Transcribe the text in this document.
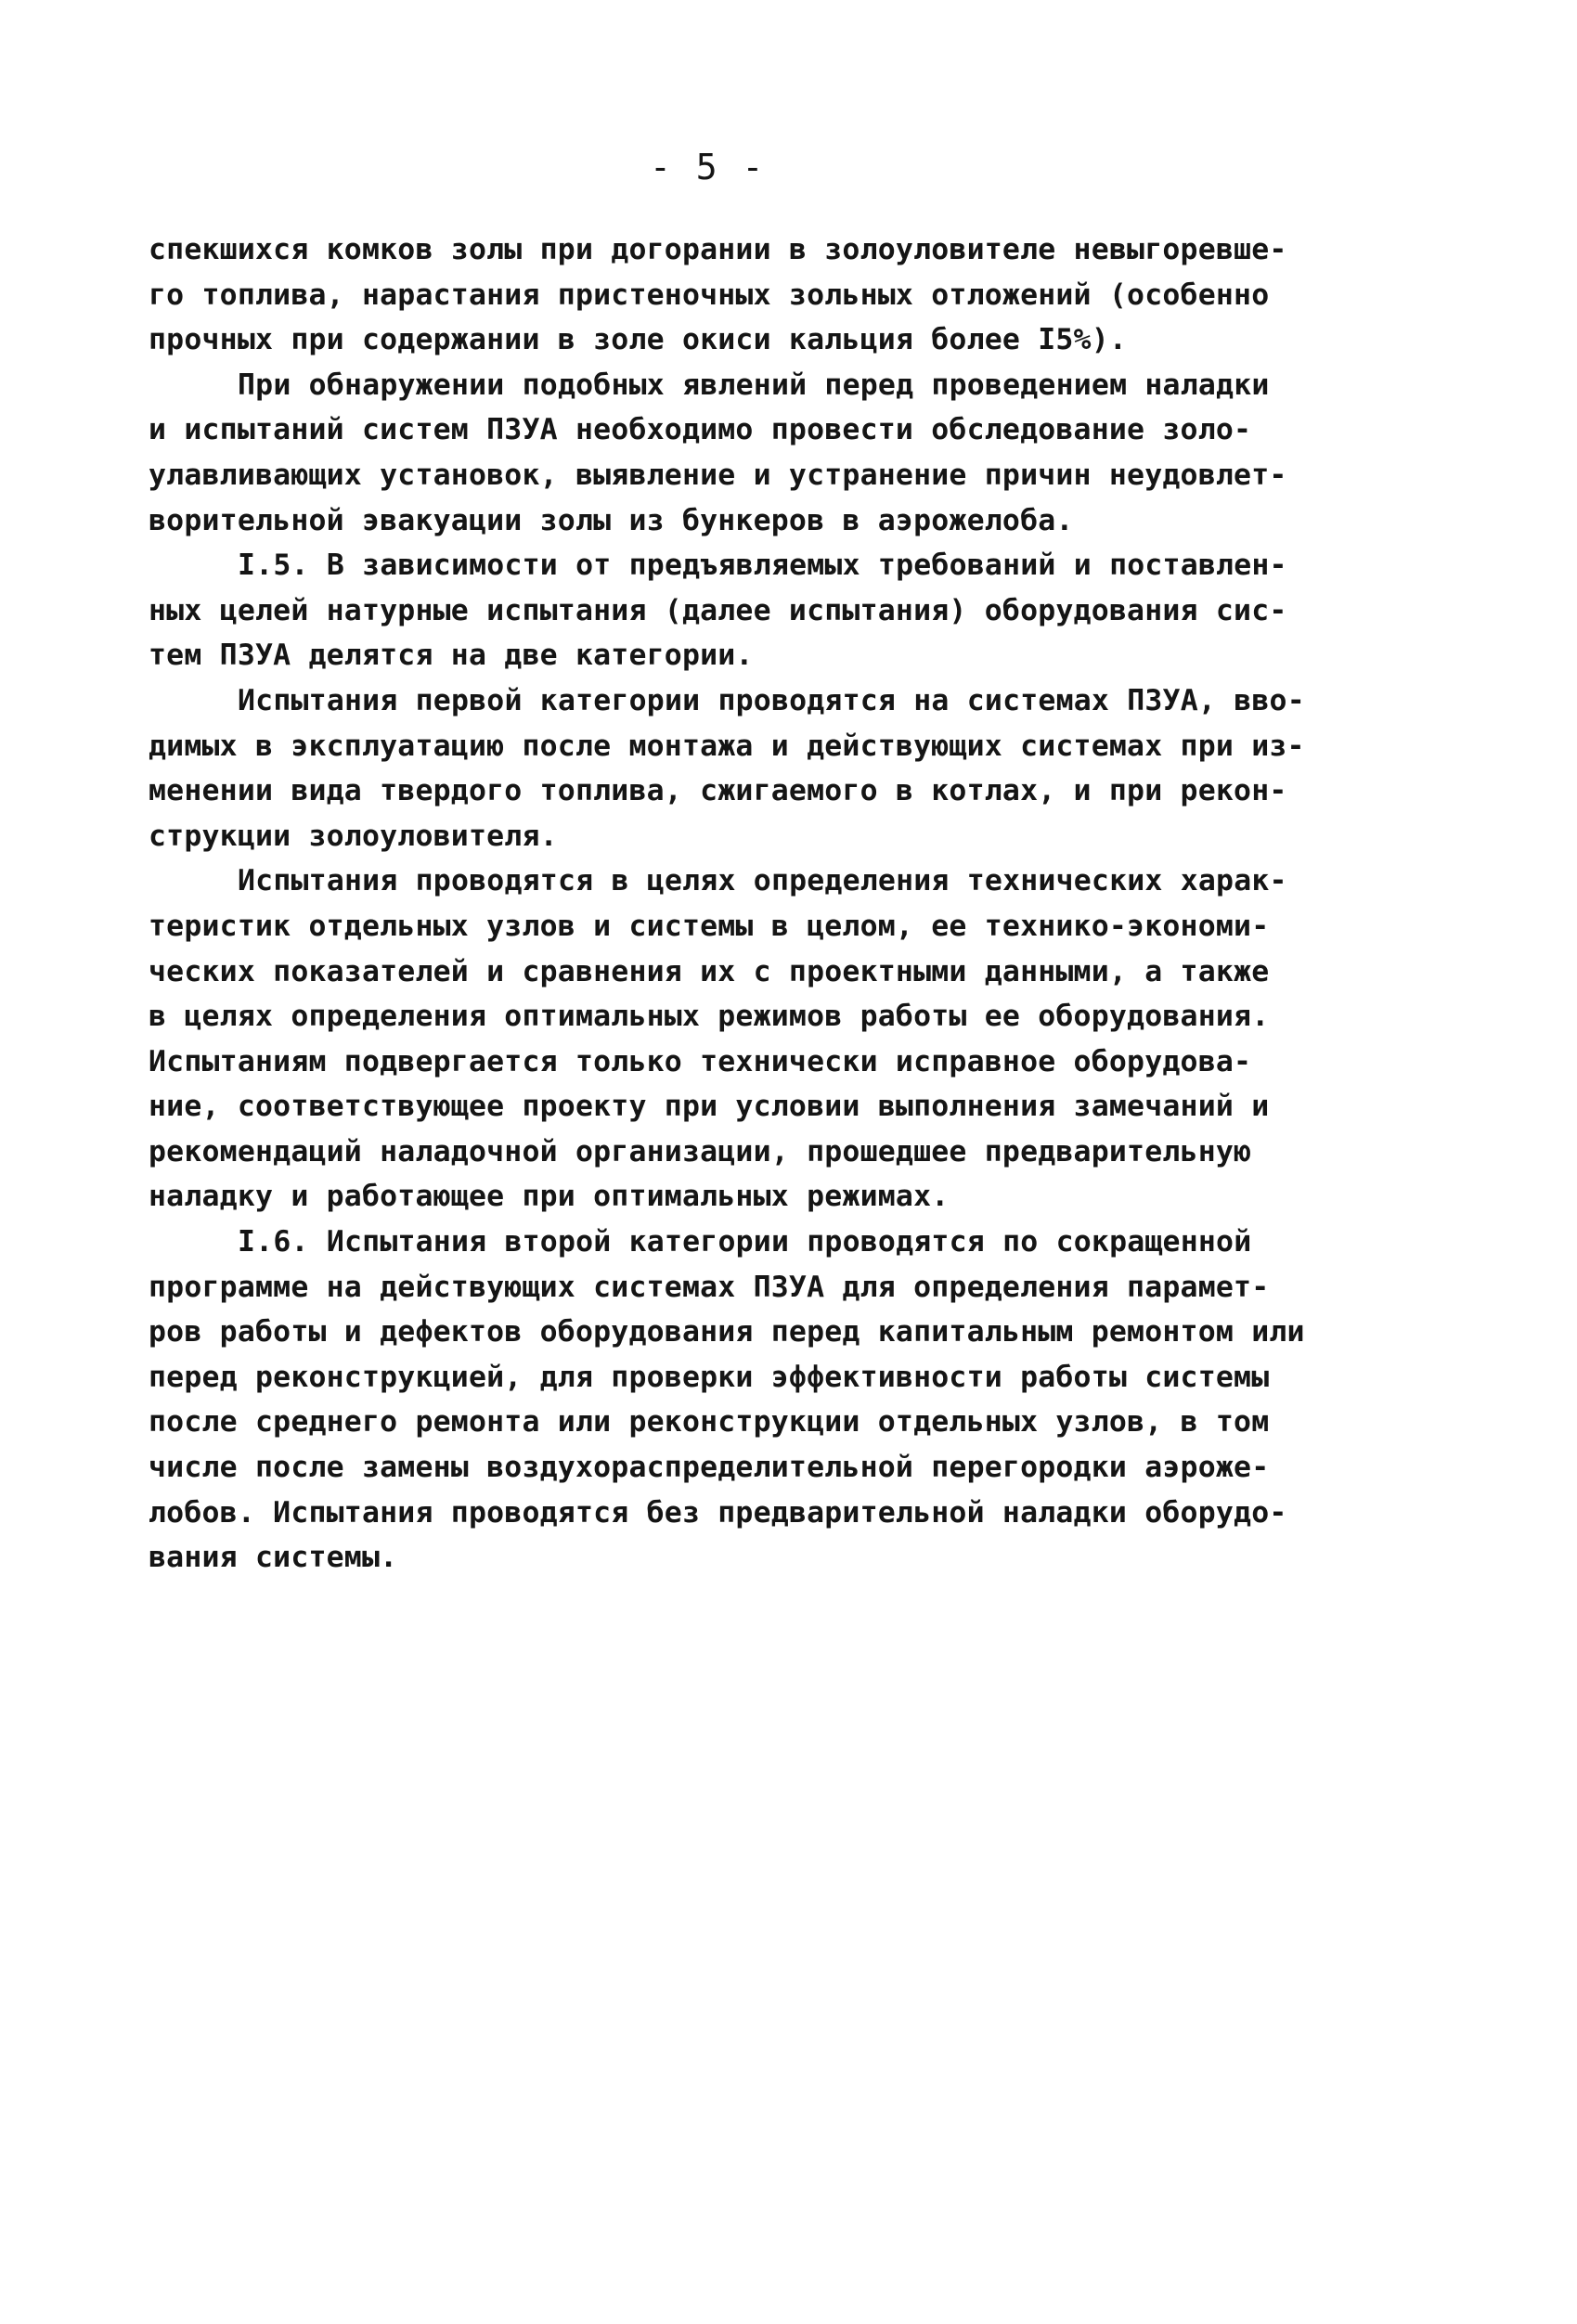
- 5 -
спекшихся комков золы при догорании в золоуловителе невыгоревше-
го топлива, нарастания пристеночных зольных отложений (особенно
прочных при содержании в золе окиси кальция более I5%).
При обнаружении подобных явлений перед проведением наладки
и испытаний систем ПЗУА необходимо провести обследование золо-
улавливающих установок, выявление и устранение причин неудовлет-
ворительной эвакуации золы из бункеров в аэрожелоба.
I.5. В зависимости от предъявляемых требований и поставлен-
ных целей натурные испытания (далее испытания) оборудования сис-
тем ПЗУА делятся на две категории.
Испытания первой категории проводятся на системах ПЗУА, вво-
димых в эксплуатацию после монтажа и действующих системах при из-
менении вида твердого топлива, сжигаемого в котлах, и при рекон-
струкции золоуловителя.
Испытания проводятся в целях определения технических харак-
теристик отдельных узлов и системы в целом, ее технико-экономи-
ческих показателей и сравнения их с проектными данными, а также
в целях определения оптимальных режимов работы ее оборудования.
Испытаниям подвергается только технически исправное оборудова-
ние, соответствующее проекту при условии выполнения замечаний и
рекомендаций наладочной организации, прошедшее предварительную
наладку и работающее при оптимальных режимах.
I.6. Испытания второй категории проводятся по сокращенной
программе на действующих системах ПЗУА для определения парамет-
ров работы и дефектов оборудования перед капитальным ремонтом или
перед реконструкцией, для проверки эффективности работы системы
после среднего ремонта или реконструкции отдельных узлов, в том
числе после замены воздухораспределительной перегородки аэроже-
лобов. Испытания проводятся без предварительной наладки оборудо-
вания системы.
